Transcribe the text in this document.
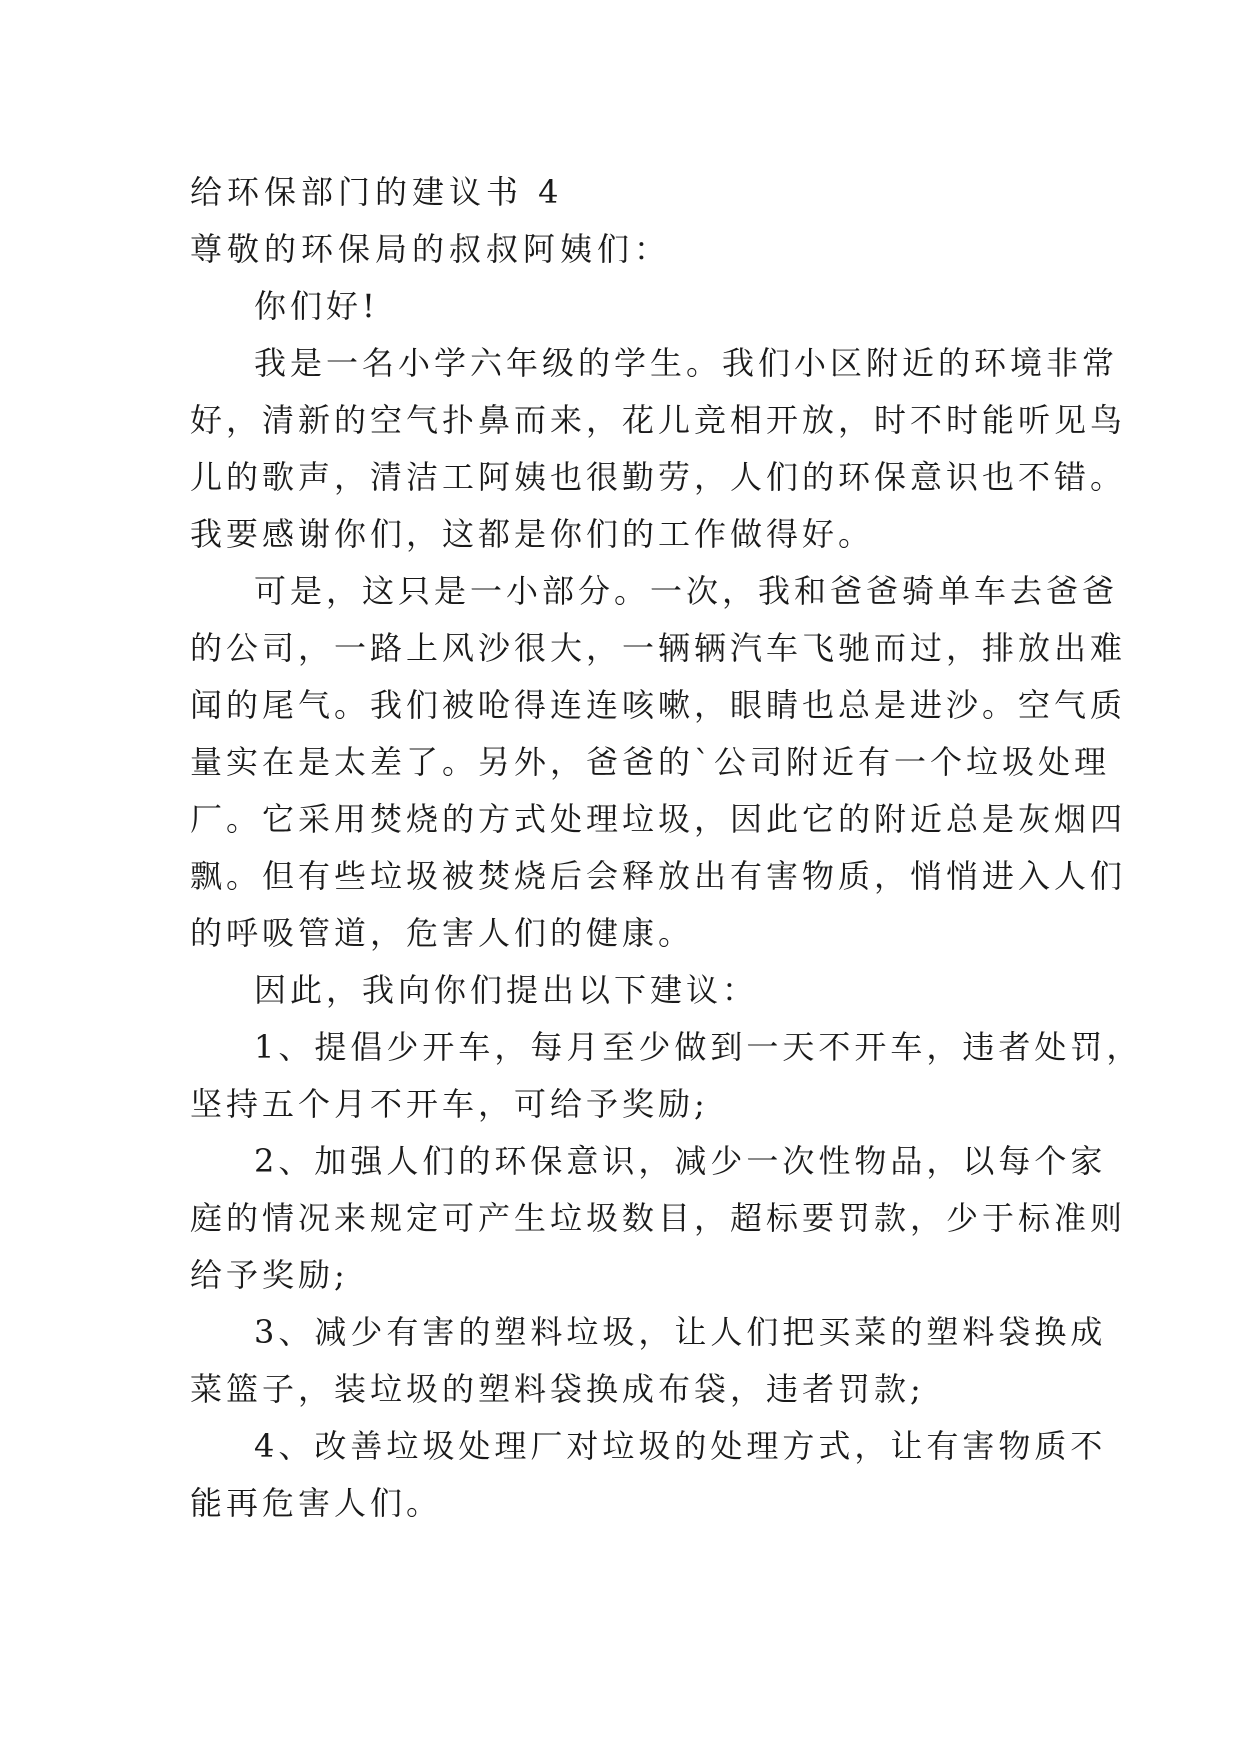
给环保部门的建议书 4

尊敬的环保局的叔叔阿姨们：

你们好!

我是一名小学六年级的学生。我们小区附近的环境非常

好，清新的空气扑鼻而来，花儿竞相开放，时不时能听见鸟

儿的歌声，清洁工阿姨也很勤劳，人们的环保意识也不错。

我要感谢你们，这都是你们的工作做得好。

可是，这只是一小部分。一次，我和爸爸骑单车去爸爸

的公司，一路上风沙很大，一辆辆汽车飞驰而过，排放出难

闻的尾气。我们被呛得连连咳嗽，眼睛也总是进沙。空气质

量实在是太差了。另外，爸爸的`公司附近有一个垃圾处理

厂。它采用焚烧的方式处理垃圾，因此它的附近总是灰烟四

飘。但有些垃圾被焚烧后会释放出有害物质，悄悄进入人们

的呼吸管道，危害人们的健康。

因此，我向你们提出以下建议：

1、提倡少开车，每月至少做到一天不开车，违者处罚，

坚持五个月不开车，可给予奖励;

2、加强人们的环保意识，减少一次性物品，以每个家

庭的情况来规定可产生垃圾数目，超标要罚款，少于标准则

给予奖励;

3、减少有害的塑料垃圾，让人们把买菜的塑料袋换成

菜篮子，装垃圾的塑料袋换成布袋，违者罚款;

4、改善垃圾处理厂对垃圾的处理方式，让有害物质不

能再危害人们。
